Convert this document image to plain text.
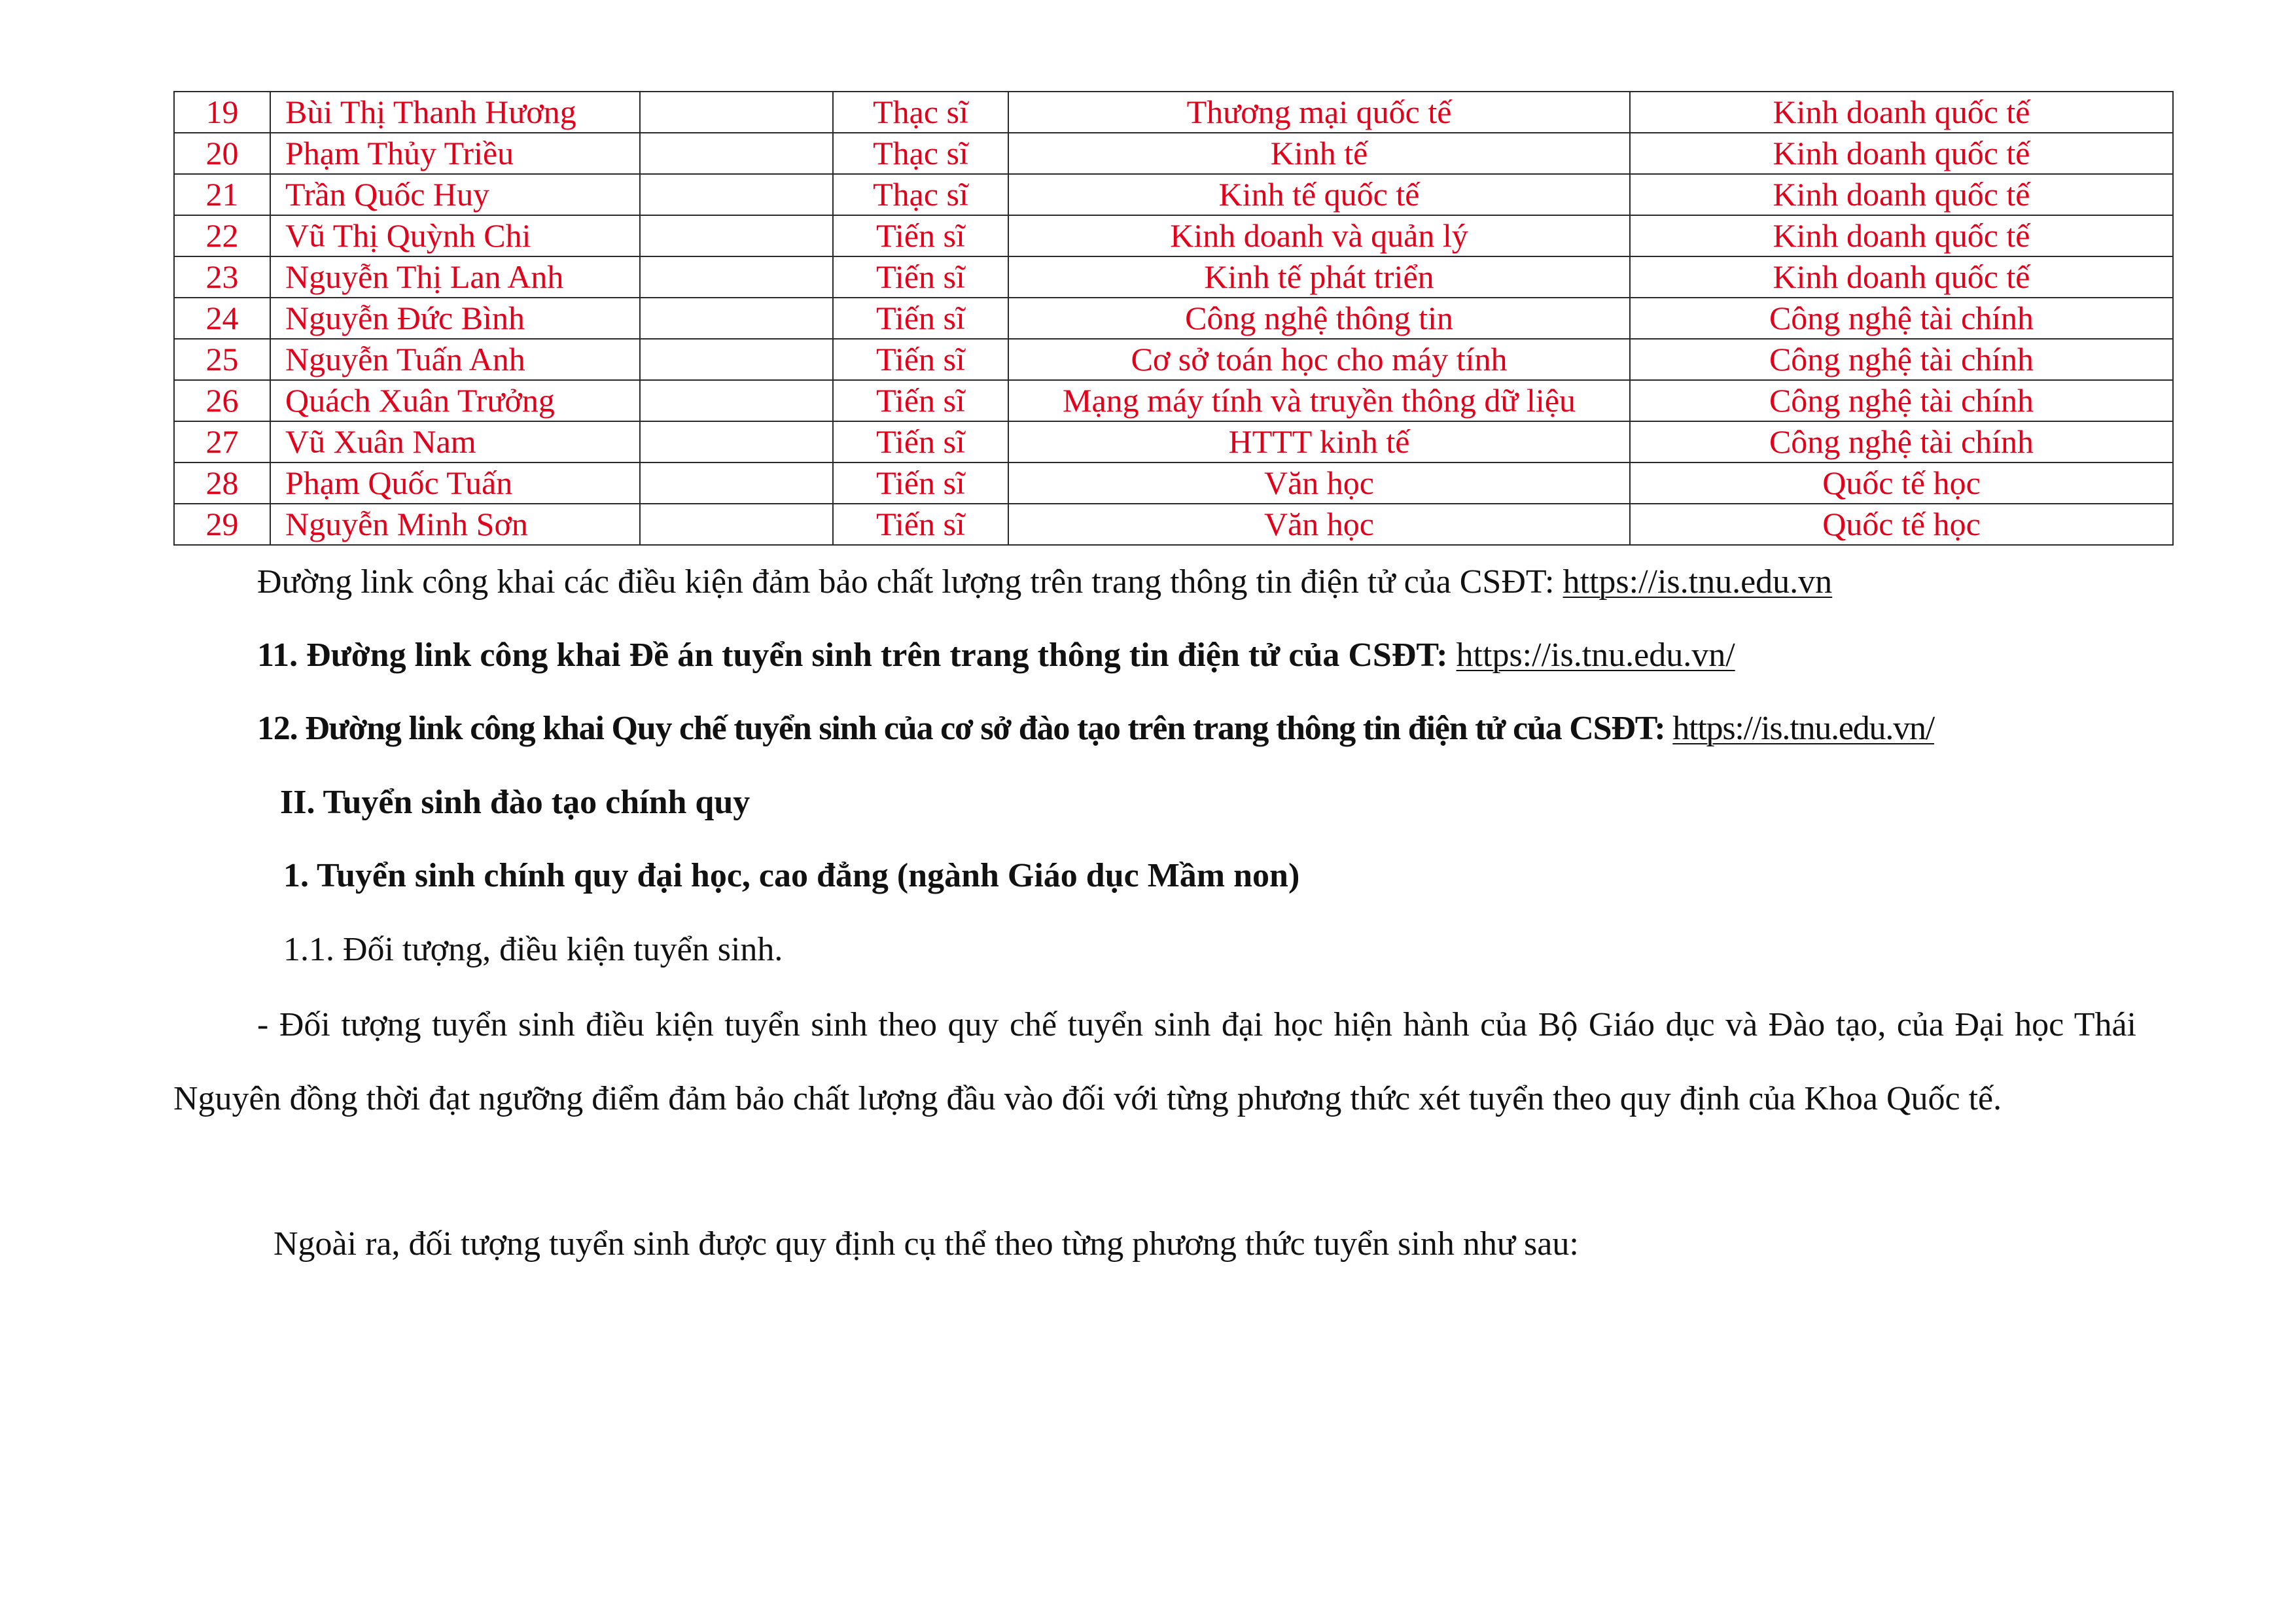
19	Bùi Thị Thanh Hương		Thạc sĩ	Thương mại quốc tế	Kinh doanh quốc tế
20	Phạm Thủy Triều		Thạc sĩ	Kinh tế	Kinh doanh quốc tế
21	Trần Quốc Huy		Thạc sĩ	Kinh tế quốc tế	Kinh doanh quốc tế
22	Vũ Thị Quỳnh Chi		Tiến sĩ	Kinh doanh và quản lý	Kinh doanh quốc tế
23	Nguyễn Thị Lan Anh		Tiến sĩ	Kinh tế phát triển	Kinh doanh quốc tế
24	Nguyễn Đức Bình		Tiến sĩ	Công nghệ thông tin	Công nghệ tài chính
25	Nguyễn Tuấn Anh		Tiến sĩ	Cơ sở toán học cho máy tính	Công nghệ tài chính
26	Quách Xuân Trưởng		Tiến sĩ	Mạng máy tính và truyền thông dữ liệu	Công nghệ tài chính
27	Vũ Xuân Nam		Tiến sĩ	HTTT kinh tế	Công nghệ tài chính
28	Phạm Quốc Tuấn		Tiến sĩ	Văn học	Quốc tế học
29	Nguyễn Minh Sơn		Tiến sĩ	Văn học	Quốc tế học
Đường link công khai các điều kiện đảm bảo chất lượng trên trang thông tin điện tử của CSĐT: https://is.tnu.edu.vn
11. Đường link công khai Đề án tuyển sinh trên trang thông tin điện tử của CSĐT: https://is.tnu.edu.vn/
12. Đường link công khai Quy chế tuyển sinh của cơ sở đào tạo trên trang thông tin điện tử của CSĐT: https://is.tnu.edu.vn/
II. Tuyển sinh đào tạo chính quy
1. Tuyển sinh chính quy đại học, cao đẳng (ngành Giáo dục Mầm non)
1.1. Đối tượng, điều kiện tuyển sinh.
- Đối tượng tuyển sinh điều kiện tuyển sinh theo quy chế tuyển sinh đại học hiện hành của Bộ Giáo dục và Đào tạo, của Đại học Thái Nguyên đồng thời đạt ngưỡng điểm đảm bảo chất lượng đầu vào đối với từng phương thức xét tuyển theo quy định của Khoa Quốc tế.
Ngoài ra, đối tượng tuyển sinh được quy định cụ thể theo từng phương thức tuyển sinh như sau:
